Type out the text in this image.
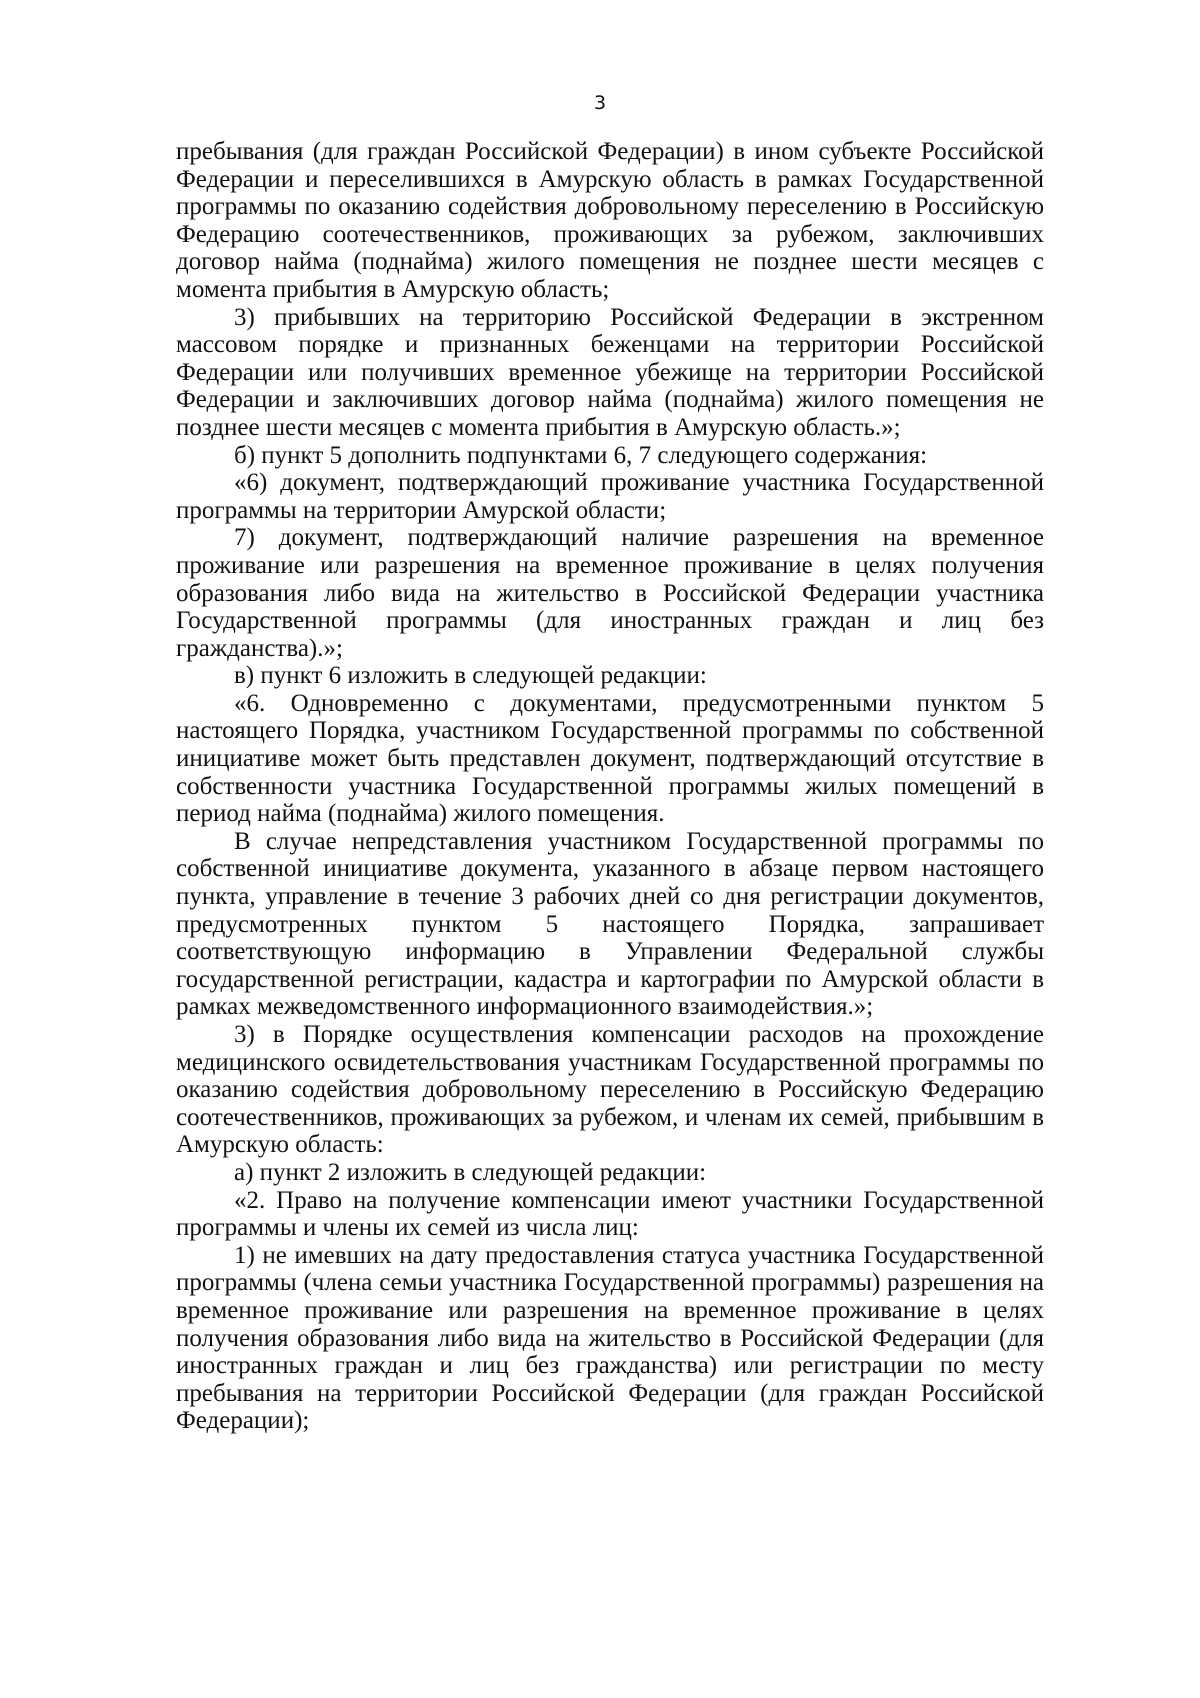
3

пребывания (для граждан Российской Федерации) в ином субъекте Российской Федерации и переселившихся в Амурскую область в рамках Государственной программы по оказанию содействия добровольному переселению в Российскую Федерацию соотечественников, проживающих за рубежом, заключивших договор найма (поднайма) жилого помещения не позднее шести месяцев с момента прибытия в Амурскую область;

3) прибывших на территорию Российской Федерации в экстренном массовом порядке и признанных беженцами на территории Российской Федерации или получивших временное убежище на территории Российской Федерации и заключивших договор найма (поднайма) жилого помещения не позднее шести месяцев с момента прибытия в Амурскую область.»;

б) пункт 5 дополнить подпунктами 6, 7 следующего содержания:

«6) документ, подтверждающий проживание участника Государственной программы на территории Амурской области;

7) документ, подтверждающий наличие разрешения на временное проживание или разрешения на временное проживание в целях получения образования либо вида на жительство в Российской Федерации участника Государственной программы (для иностранных граждан и лиц без гражданства).»;

в) пункт 6 изложить в следующей редакции:

«6. Одновременно с документами, предусмотренными пунктом 5 настоящего Порядка, участником Государственной программы по собственной инициативе может быть представлен документ, подтверждающий отсутствие в собственности участника Государственной программы жилых помещений в период найма (поднайма) жилого помещения.

В случае непредставления участником Государственной программы по собственной инициативе документа, указанного в абзаце первом настоящего пункта, управление в течение 3 рабочих дней со дня регистрации документов, предусмотренных пунктом 5 настоящего Порядка, запрашивает соответствующую информацию в Управлении Федеральной службы государственной регистрации, кадастра и картографии по Амурской области в рамках межведомственного информационного взаимодействия.»;

3) в Порядке осуществления компенсации расходов на прохождение медицинского освидетельствования участникам Государственной программы по оказанию содействия добровольному переселению в Российскую Федерацию соотечественников, проживающих за рубежом, и членам их семей, прибывшим в Амурскую область:

а) пункт 2 изложить в следующей редакции:

«2. Право на получение компенсации имеют участники Государственной программы и члены их семей из числа лиц:

1) не имевших на дату предоставления статуса участника Государственной программы (члена семьи участника Государственной программы) разрешения на временное проживание или разрешения на временное проживание в целях получения образования либо вида на жительство в Российской Федерации (для иностранных граждан и лиц без гражданства) или регистрации по месту пребывания на территории Российской Федерации (для граждан Российской Федерации);
